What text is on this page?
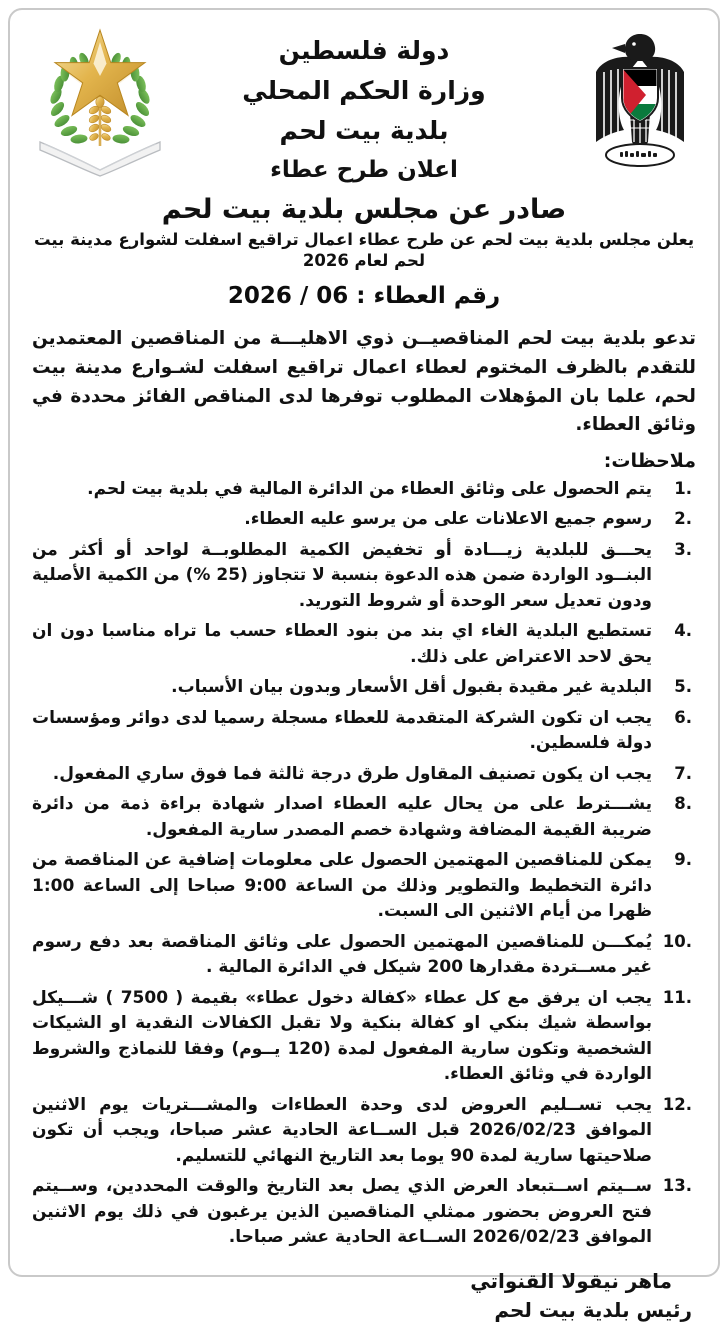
دولة فلسطين
وزارة الحكم المحلي
بلدية بيت لحم
اعلان طرح عطاء
صادر عن مجلس بلدية بيت لحم
يعلن مجلس بلدية بيت لحم عن طرح عطاء اعمال تراقيع اسفلت لشوارع مدينة بيت لحم لعام 2026
رقم العطاء : 06 / 2026
تدعو بلدية بيت لحم المناقصيــن ذوي الاهليـــة من المناقصين المعتمدين للتقدم بالظرف المختوم لعطاء اعمال تراقيع اسفلت لشـوارع مدينة بيت لحم، علما بان المؤهلات المطلوب توفرها لدى المناقص الفائز محددة في وثائق العطاء.
ملاحظات:
1.
يتم الحصول على وثائق العطاء من الدائرة المالية في بلدية بيت لحم.
2.
رسوم جميع الاعلانات على من يرسو عليه العطاء.
3.
يحـــق للبلدية زيـــادة أو تخفيض الكمية المطلوبــة لواحد أو أكثر من البنــود الواردة ضمن هذه الدعوة بنسبة لا تتجاوز (25 %) من الكمية الأصلية ودون تعديل سعر الوحدة أو شروط التوريد.
4.
تستطيع البلدية الغاء اي بند من بنود العطاء حسب ما تراه مناسبا دون ان يحق لاحد الاعتراض على ذلك.
5.
البلدية غير مقيدة بقبول أقل الأسعار وبدون بيان الأسباب.
6.
يجب ان تكون الشركة المتقدمة للعطاء مسجلة رسميا لدى دوائر ومؤسسات دولة فلسطين.
7.
يجب ان يكون تصنيف المقاول طرق درجة ثالثة فما فوق ساري المفعول.
8.
يشـــترط على من يحال عليه العطاء اصدار شهادة براءة ذمة من دائرة ضريبة القيمة المضافة وشهادة خصم المصدر سارية المفعول.
9.
يمكن للمناقصين المهتمين الحصول على معلومات إضافية عن المناقصة من دائرة التخطيط والتطوير وذلك من الساعة 9:00 صباحا إلى الساعة 1:00 ظهرا من أيام الاثنين الى السبت.
10.
يُمكـــن للمناقصين المهتمين الحصول على وثائق المناقصة بعد دفع رسوم غير مســتردة مقدارها 200 شيكل في الدائرة المالية .
11.
يجب ان يرفق مع كل عطاء «كفالة دخول عطاء» بقيمة ( 7500 ) شـــيكل بواسطة شيك بنكي او كفالة بنكية ولا تقبل الكفالات النقدية او الشيكات الشخصية وتكون سارية المفعول لمدة (120 يــوم) وفقا للنماذج والشروط الواردة في وثائق العطاء.
12.
يجب تســليم العروض لدى وحدة العطاءات والمشـــتريات يوم الاثنين الموافق 2026/02/23 قبل الســاعة الحادية عشر صباحا، ويجب أن تكون صلاحيتها سارية لمدة 90 يوما بعد التاريخ النهائي للتسليم.
13.
ســيتم اســتبعاد العرض الذي يصل بعد التاريخ والوقت المحددين، وســيتم فتح العروض بحضور ممثلي المناقصين الذين يرغبون في ذلك يوم الاثنين الموافق 2026/02/23 الســاعة الحادية عشر صباحا.
ماهر نيقولا القنواتي
رئيس بلدية بيت لحم
